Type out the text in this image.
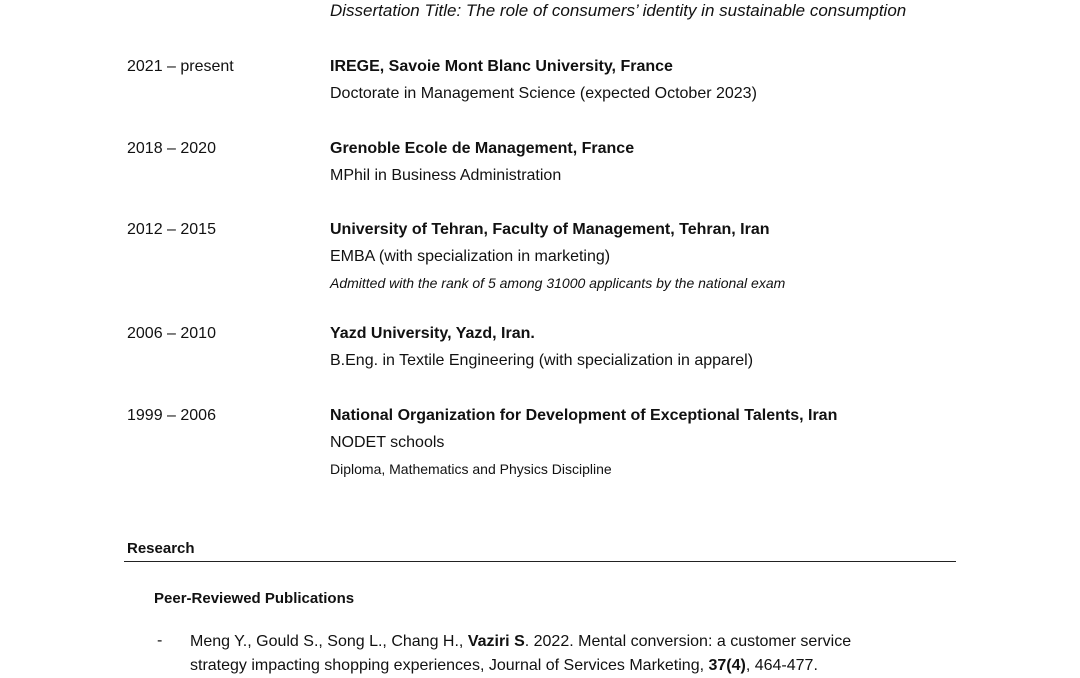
Dissertation Title: The role of consumers’ identity in sustainable consumption
2021 – present	IREGE, Savoie Mont Blanc University, France
Doctorate in Management Science (expected October 2023)
2018 – 2020	Grenoble Ecole de Management, France
MPhil in Business Administration
2012 – 2015	University of Tehran, Faculty of Management, Tehran, Iran
EMBA (with specialization in marketing)
Admitted with the rank of 5 among 31000 applicants by the national exam
2006 – 2010	Yazd University, Yazd, Iran.
B.Eng. in Textile Engineering (with specialization in apparel)
1999 – 2006	National Organization for Development of Exceptional Talents, Iran
NODET schools
Diploma, Mathematics and Physics Discipline
Research
Peer-Reviewed Publications
- Meng Y., Gould S., Song L., Chang H., Vaziri S. 2022. Mental conversion: a customer service
strategy impacting shopping experiences, Journal of Services Marketing, 37(4), 464-477.
